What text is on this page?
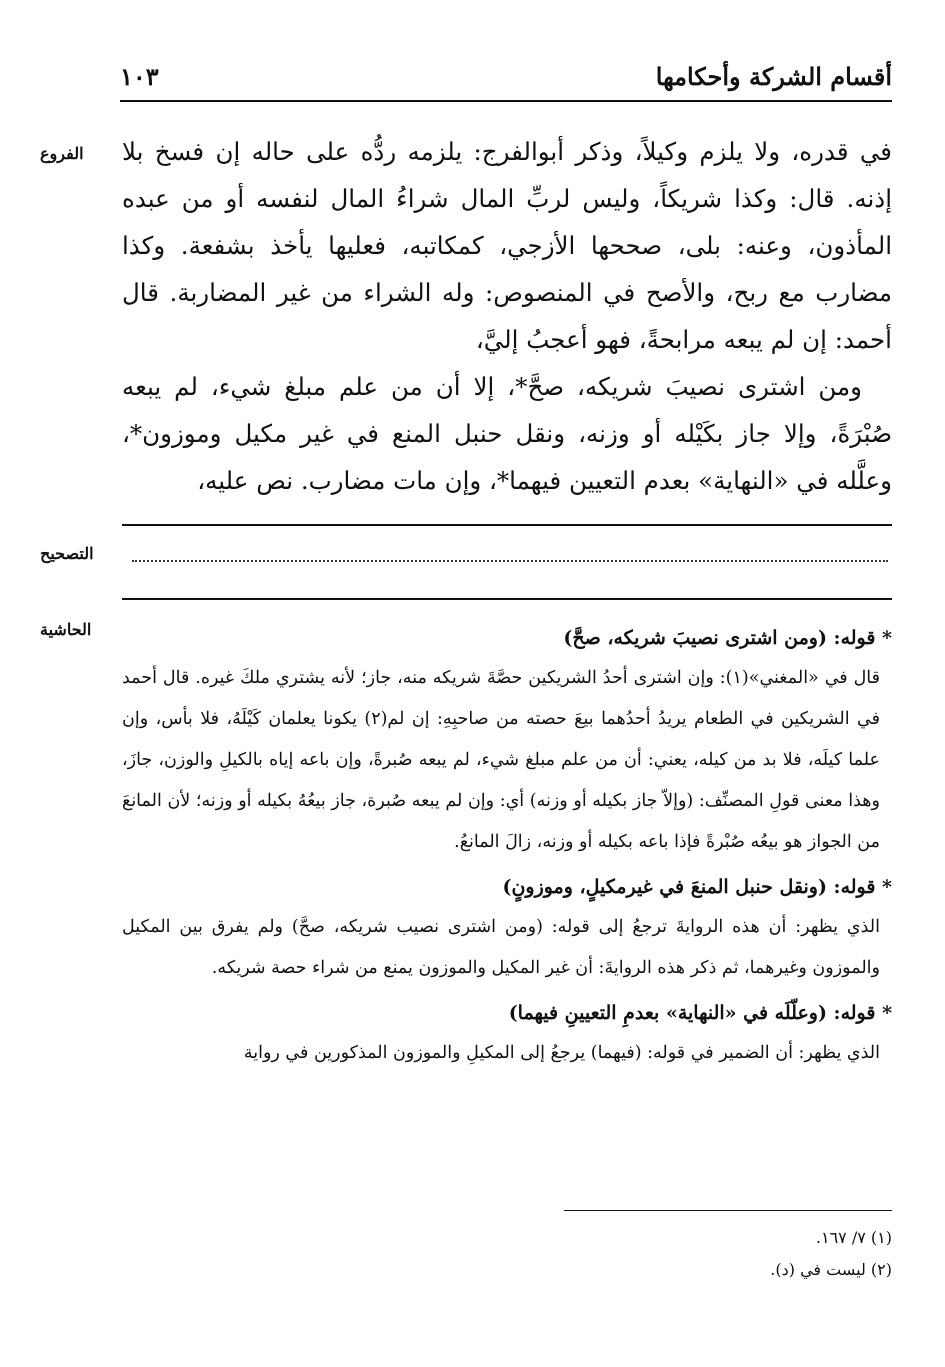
أقسام الشركة وأحكامها
١٠٣
الفروع
التصحيح
الحاشية

في قدره، ولا يلزم وكيلاً، وذكر أبوالفرج: يلزمه ردُّه على حاله إن فسخ بلا إذنه. قال: وكذا شريكاً، وليس لربِّ المال شراءُ المال لنفسه أو من عبده المأذون، وعنه: بلى، صححها الأزجي، كمكاتبه، فعليها يأخذ بشفعة. وكذا مضارب مع ربح، والأصح في المنصوص: وله الشراء من غير المضاربة. قال أحمد: إن لم يبعه مرابحةً، فهو أعجبُ إليَّ،

ومن اشترى نصيبَ شريكه، صحَّ*، إلا أن من علم مبلغ شيء، لم يبعه صُبْرَةً، وإلا جاز بكَيْله أو وزنه، ونقل حنبل المنع في غير مكيل وموزون*، وعلَّله في «النهاية» بعدم التعيين فيهما*، وإن مات مضارب. نص عليه،

* قوله: (ومن اشترى نصيبَ شريكه، صحَّ)

قال في «المغني»(١): وإن اشترى أحدُ الشريكين حصَّةَ شريكه منه، جاز؛ لأنه يشتري ملكَ غيره. قال أحمد في الشريكين في الطعام يريدُ أحدُهما بيعَ حصته من صاحبِهِ: إن لم(٢) يكونا يعلمان كَيْلَهُ، فلا بأس، وإن علما كيلَه، فلا بد من كيله، يعني: أن من علم مبلغ شيء، لم يبعه صُبرةً، وإن باعه إياه بالكيلِ والوزن، جازَ، وهذا معنى قولِ المصنِّف: (وإلاّ جاز بكيله أو وزنه) أي: وإن لم يبعه صُبرة، جاز بيعُهُ بكيله أو وزنه؛ لأن المانعَ من الجواز هو بيعُه صُبْرةً فإذا باعه بكيله أو وزنه، زالَ المانعُ.

* قوله: (ونقل حنبل المنعَ في غيرمكيلٍ، وموزونٍ)

الذي يظهر: أن هذه الروايةَ ترجعُ إلى قوله: (ومن اشترى نصيب شريكه، صحَّ) ولم يفرق بين المكيل والموزون وغيرهما، ثم ذكر هذه الروايةَ: أن غير المكيل والموزون يمنع من شراء حصة شريكه.

* قوله: (وعلّلَه في «النهاية» بعدمِ التعيينِ فيهما)

الذي يظهر: أن الضمير في قوله: (فيهما) يرجعُ إلى المكيلِ والموزون المذكورين في رواية

(١) ٧/ ١٦٧.
(٢) ليست في (د).
